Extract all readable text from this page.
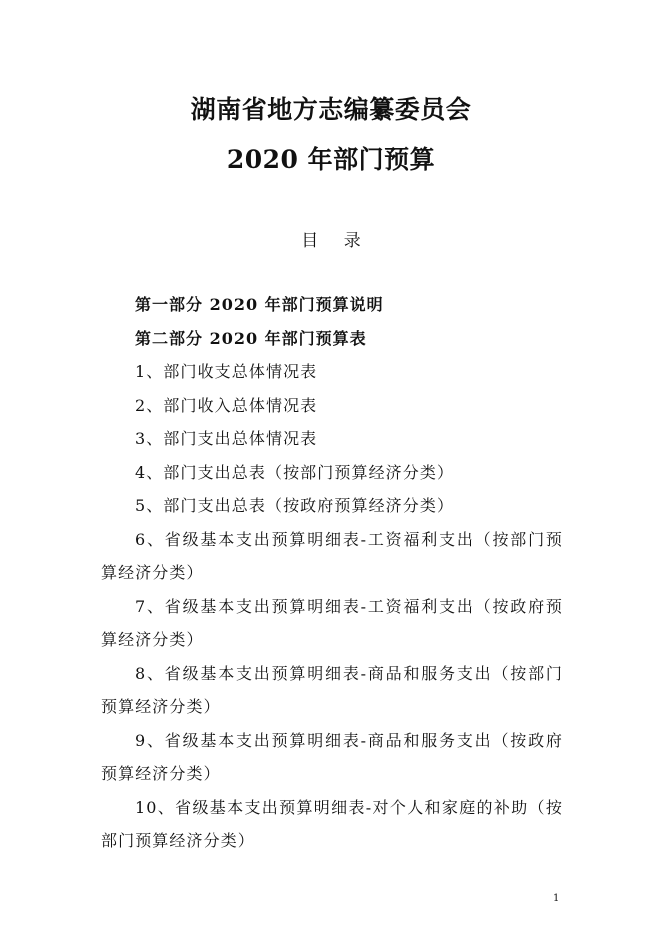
湖南省地方志编纂委员会
2020 年部门预算
目 录

第一部分 2020 年部门预算说明

第二部分 2020 年部门预算表

1、部门收支总体情况表

2、部门收入总体情况表

3、部门支出总体情况表

4、部门支出总表（按部门预算经济分类）

5、部门支出总表（按政府预算经济分类）

6、省级基本支出预算明细表-工资福利支出（按部门预算经济分类）

7、省级基本支出预算明细表-工资福利支出（按政府预算经济分类）

8、省级基本支出预算明细表-商品和服务支出（按部门预算经济分类）

9、省级基本支出预算明细表-商品和服务支出（按政府预算经济分类）

10、省级基本支出预算明细表-对个人和家庭的补助（按部门预算经济分类）

1
